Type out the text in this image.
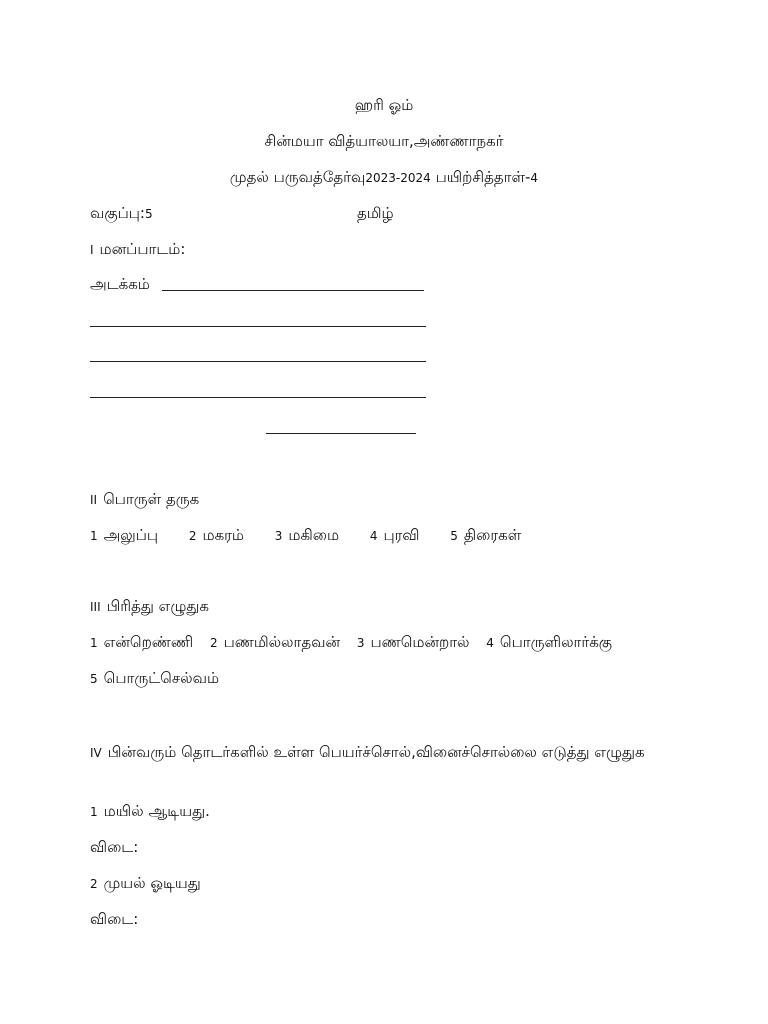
ஹரி ஓம்
சின்மயா வித்யாலயா,அண்ணாநகர்
முதல் பருவத்தேர்வு2023-2024 பயிற்சித்தாள்-4
வகுப்பு:5	தமிழ்
I மனப்பாடம்:
அடக்கம்
II பொருள் தருக
1 அலுப்பு	2 மகரம்	3 மகிமை	4 புரவி	5 திரைகள்
III பிரித்து எழுதுக
1 என்றெண்ணி 2 பணமில்லாதவன் 3 பணமென்றால் 4 பொருளிலார்க்கு
5 பொருட்செல்வம்
IV பின்வரும் தொடர்களில் உள்ள பெயர்ச்சொல்,வினைச்சொல்லை எடுத்து எழுதுக
1 மயில் ஆடியது.
விடை:
2 முயல் ஓடியது
விடை:
